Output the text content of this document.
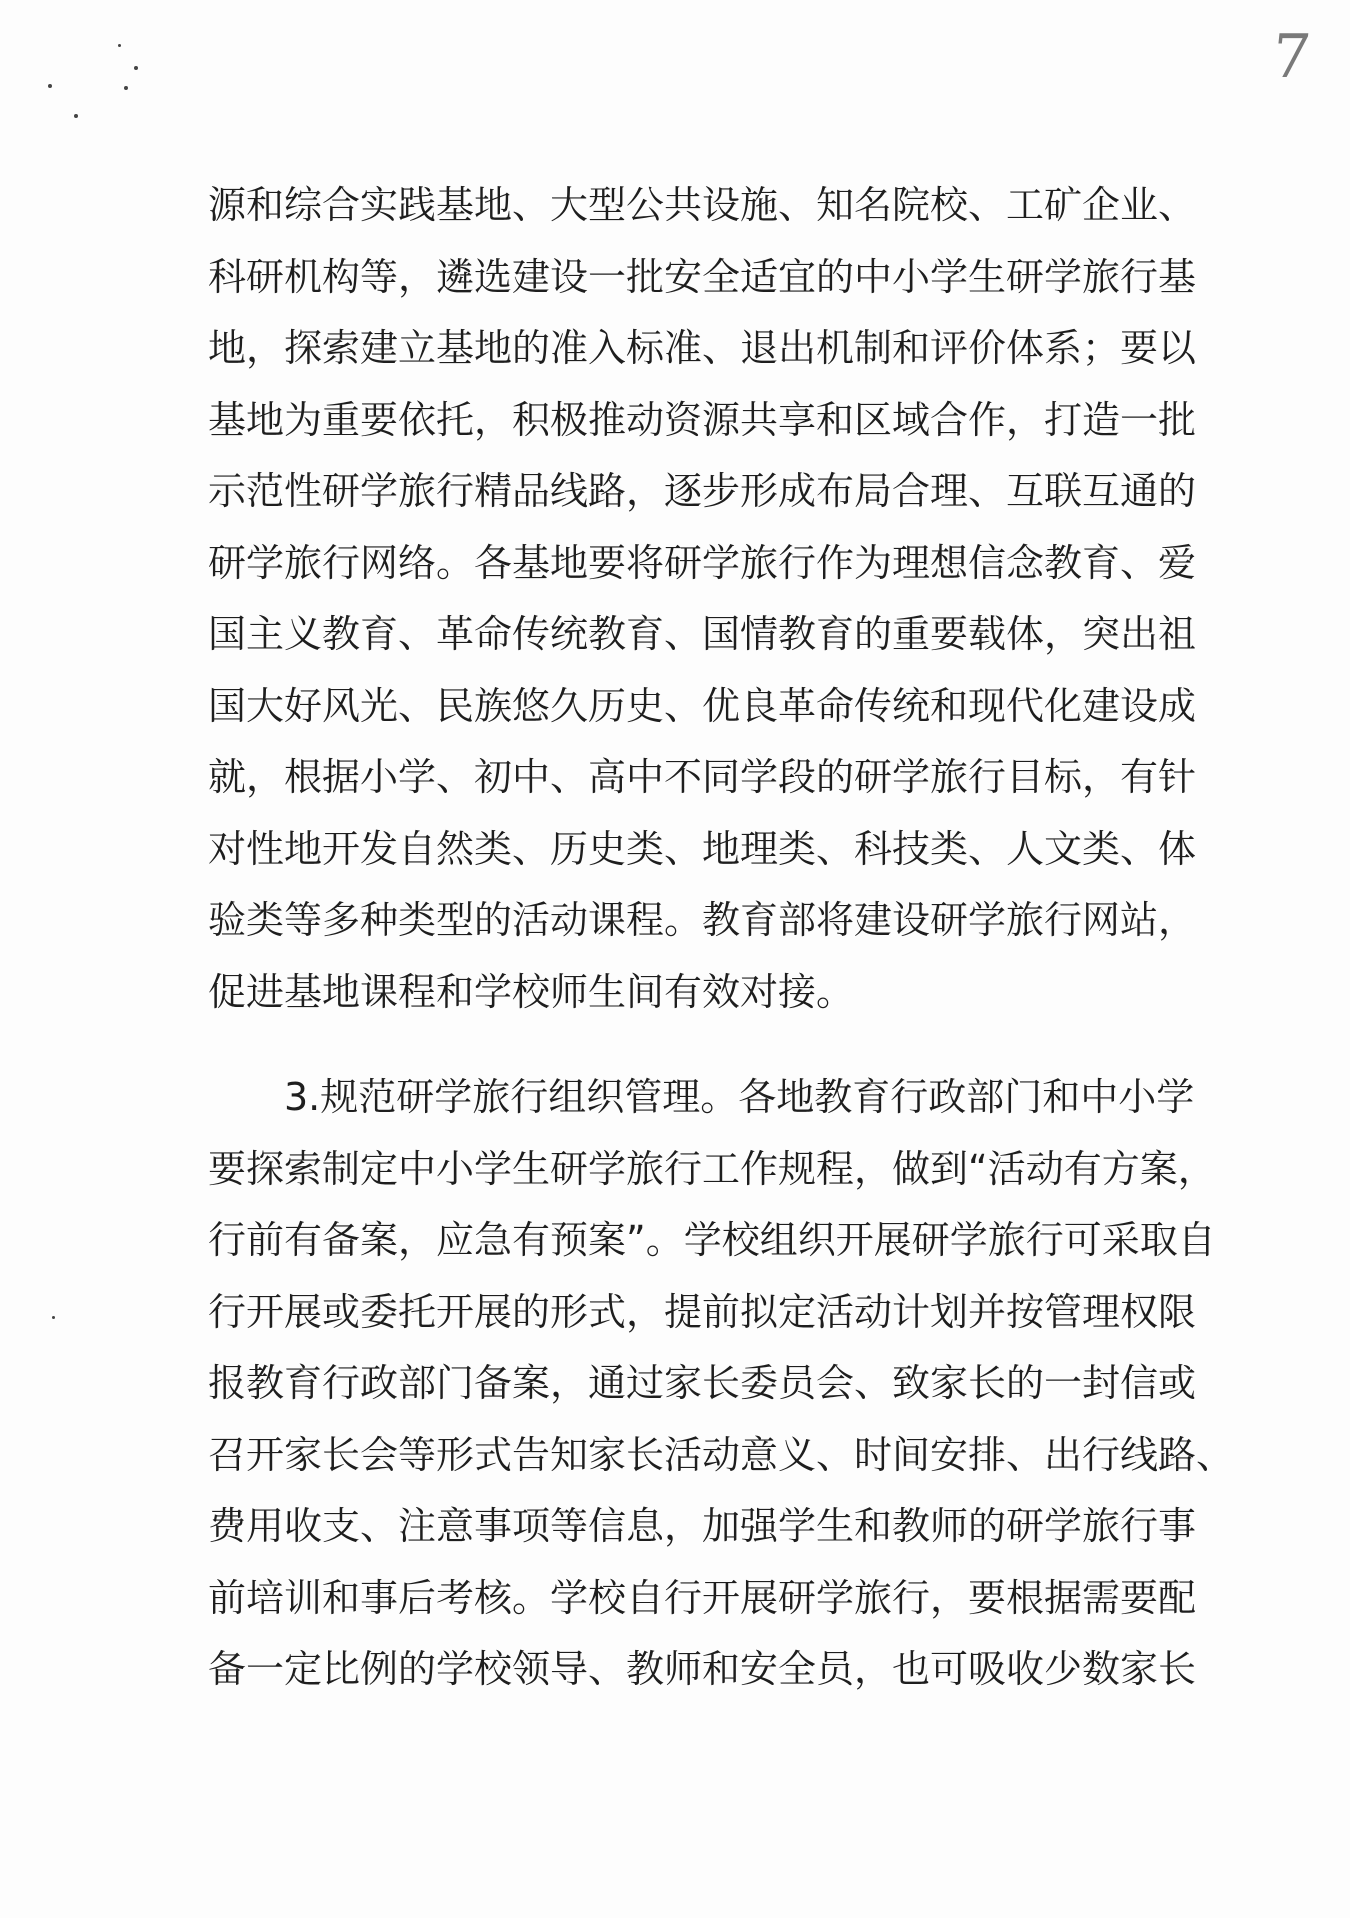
7
源和综合实践基地、大型公共设施、知名院校、工矿企业、
科研机构等，遴选建设一批安全适宜的中小学生研学旅行基
地，探索建立基地的准入标准、退出机制和评价体系；要以
基地为重要依托，积极推动资源共享和区域合作，打造一批
示范性研学旅行精品线路，逐步形成布局合理、互联互通的
研学旅行网络。各基地要将研学旅行作为理想信念教育、爱
国主义教育、革命传统教育、国情教育的重要载体，突出祖
国大好风光、民族悠久历史、优良革命传统和现代化建设成
就，根据小学、初中、高中不同学段的研学旅行目标，有针
对性地开发自然类、历史类、地理类、科技类、人文类、体
验类等多种类型的活动课程。教育部将建设研学旅行网站，
促进基地课程和学校师生间有效对接。
　　3.规范研学旅行组织管理。各地教育行政部门和中小学
要探索制定中小学生研学旅行工作规程，做到“活动有方案，
行前有备案，应急有预案”。学校组织开展研学旅行可采取自
行开展或委托开展的形式，提前拟定活动计划并按管理权限
报教育行政部门备案，通过家长委员会、致家长的一封信或
召开家长会等形式告知家长活动意义、时间安排、出行线路、
费用收支、注意事项等信息，加强学生和教师的研学旅行事
前培训和事后考核。学校自行开展研学旅行，要根据需要配
备一定比例的学校领导、教师和安全员，也可吸收少数家长
